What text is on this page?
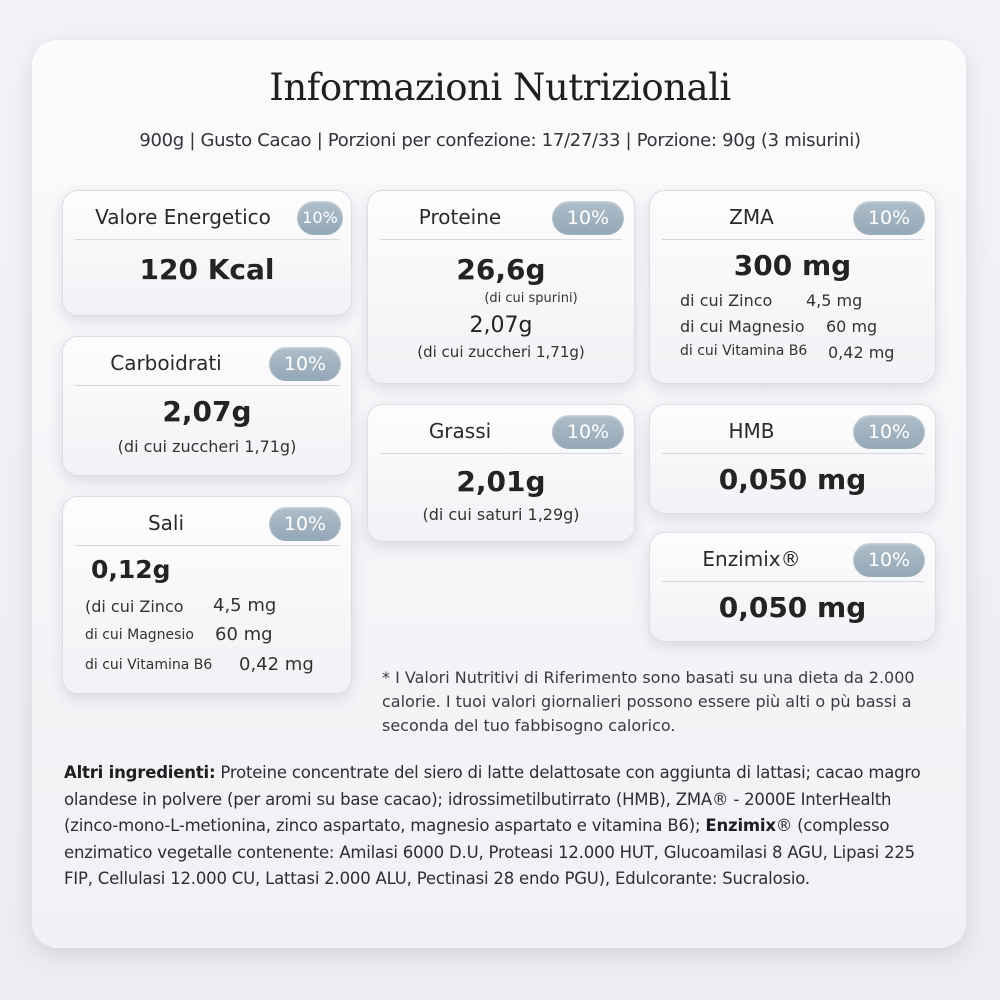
Informazioni Nutrizionali
900g | Gusto Cacao | Porzioni per confezione: 17/27/33 | Porzione: 90g (3 misurini)
Valore Energetico	10%
120 Kcal
Proteine	10%
26,6g
(di cui spurini)
2,07g
(di cui zuccheri 1,71g)
ZMA	10%
300 mg
di cui Zinco 4,5 mg
di cui Magnesio 60 mg
di cui Vitamina B6 0,42 mg
Carboidrati	10%
2,07g
(di cui zuccheri 1,71g)
Grassi	10%
2,01g
(di cui saturi 1,29g)
HMB	10%
0,050 mg
Sali	10%
0,12g
(di cui Zinco 4,5 mg
di cui Magnesio 60 mg
di cui Vitamina B6 0,42 mg
Enzimix®	10%
0,050 mg
* I Valori Nutritivi di Riferimento sono basati su una dieta da 2.000 calorie. I tuoi valori giornalieri possono essere più alti o pù bassi a seconda del tuo fabbisogno calorico.
Altri ingredienti: Proteine concentrate del siero di latte delattosate con aggiunta di lattasi; cacao magro olandese in polvere (per aromi su base cacao); idrossimetilbutirrato (HMB), ZMA® - 2000E InterHealth (zinco-mono-L-metionina, zinco aspartato, magnesio aspartato e vitamina B6); Enzimix® (complesso enzimatico vegetalle contenente: Amilasi 6000 D.U, Proteasi 12.000 HUT, Glucoamilasi 8 AGU, Lipasi 225 FIP, Cellulasi 12.000 CU, Lattasi 2.000 ALU, Pectinasi 28 endo PGU), Edulcorante: Sucralosio.
